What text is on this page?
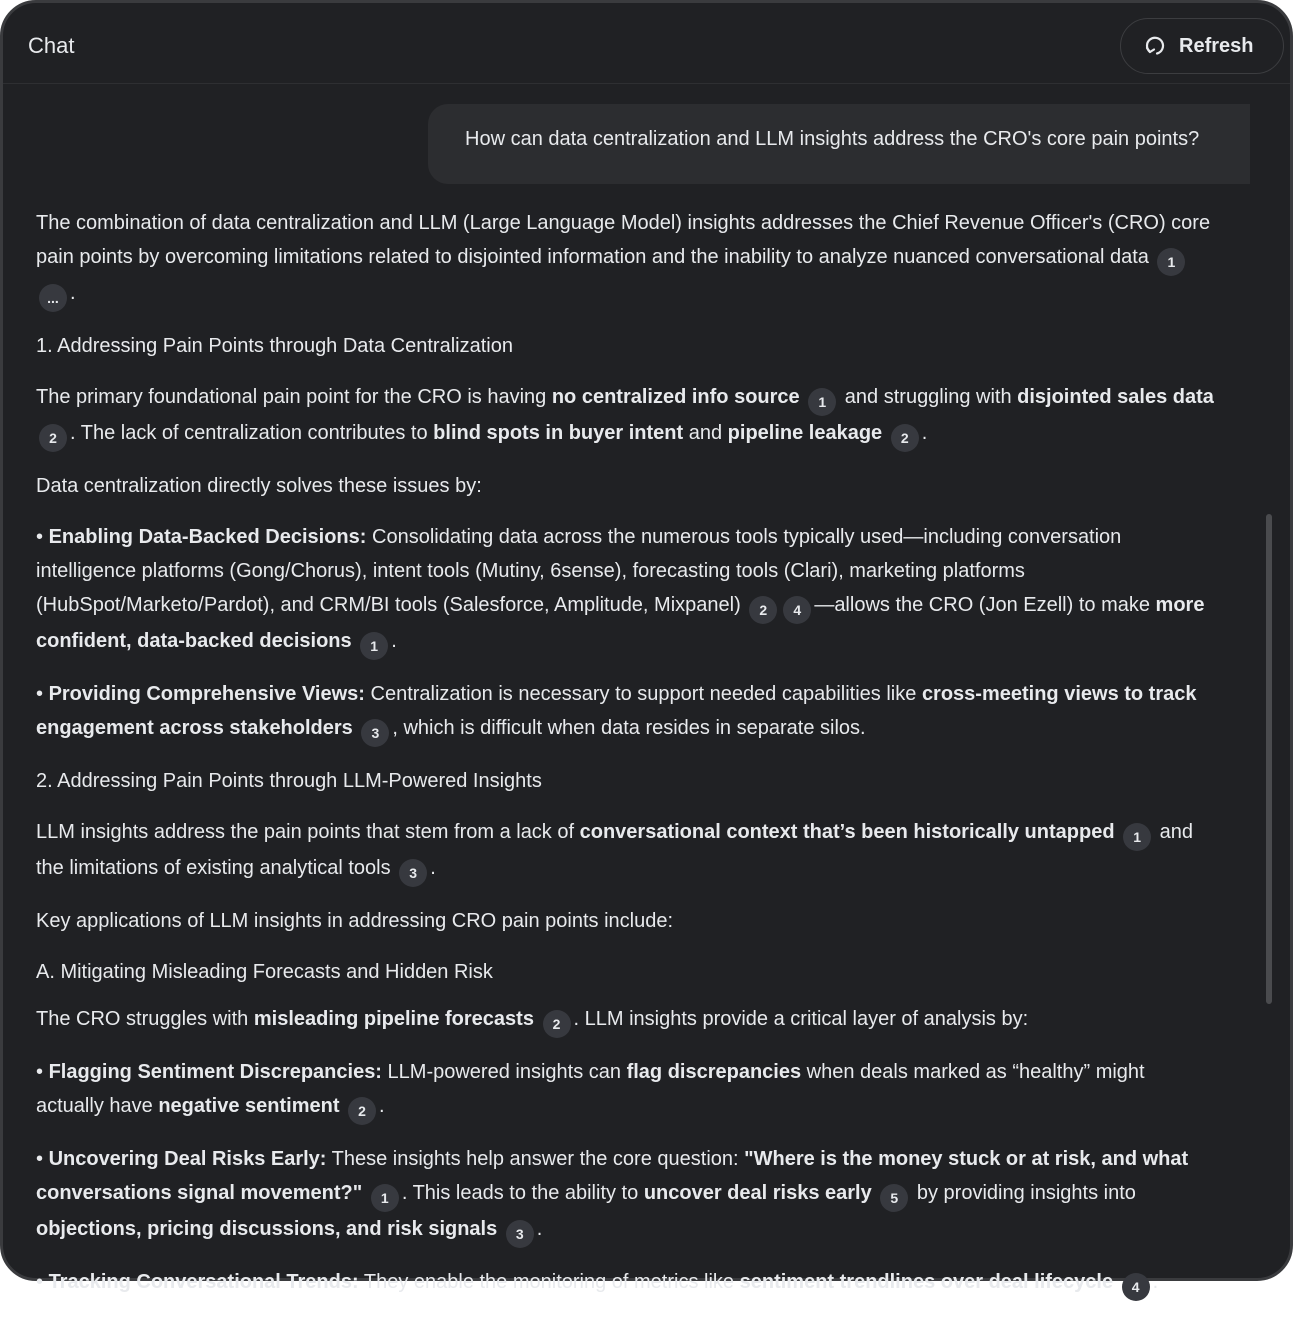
Chat	Refresh
How can data centralization and LLM insights address the CRO's core pain points?

The combination of data centralization and LLM (Large Language Model) insights addresses the Chief Revenue Officer's (CRO) core pain points by overcoming limitations related to disjointed information and the inability to analyze nuanced conversational data 1... .

1. Addressing Pain Points through Data Centralization

The primary foundational pain point for the CRO is having no centralized info source 1 and struggling with disjointed sales data 2 . The lack of centralization contributes to blind spots in buyer intent and pipeline leakage 2 .

Data centralization directly solves these issues by:

• Enabling Data-Backed Decisions: Consolidating data across the numerous tools typically used—including conversation intelligence platforms (Gong/Chorus), intent tools (Mutiny, 6sense), forecasting tools (Clari), marketing platforms (HubSpot/Marketo/Pardot), and CRM/BI tools (Salesforce, Amplitude, Mixpanel) 2 4 —allows the CRO (Jon Ezell) to make more confident, data-backed decisions 1 .

• Providing Comprehensive Views: Centralization is necessary to support needed capabilities like cross-meeting views to track engagement across stakeholders 3 , which is difficult when data resides in separate silos.

2. Addressing Pain Points through LLM-Powered Insights

LLM insights address the pain points that stem from a lack of conversational context that’s been historically untapped 1 and the limitations of existing analytical tools 3 .

Key applications of LLM insights in addressing CRO pain points include:

A. Mitigating Misleading Forecasts and Hidden Risk

The CRO struggles with misleading pipeline forecasts 2 . LLM insights provide a critical layer of analysis by:

• Flagging Sentiment Discrepancies: LLM-powered insights can flag discrepancies when deals marked as “healthy” might actually have negative sentiment 2 .

• Uncovering Deal Risks Early: These insights help answer the core question: "Where is the money stuck or at risk, and what conversations signal movement?" 1 . This leads to the ability to uncover deal risks early 5 by providing insights into objections, pricing discussions, and risk signals 3 .

• Tracking Conversational Trends: They enable the monitoring of metrics like sentiment trendlines over deal lifecycle 4 .
